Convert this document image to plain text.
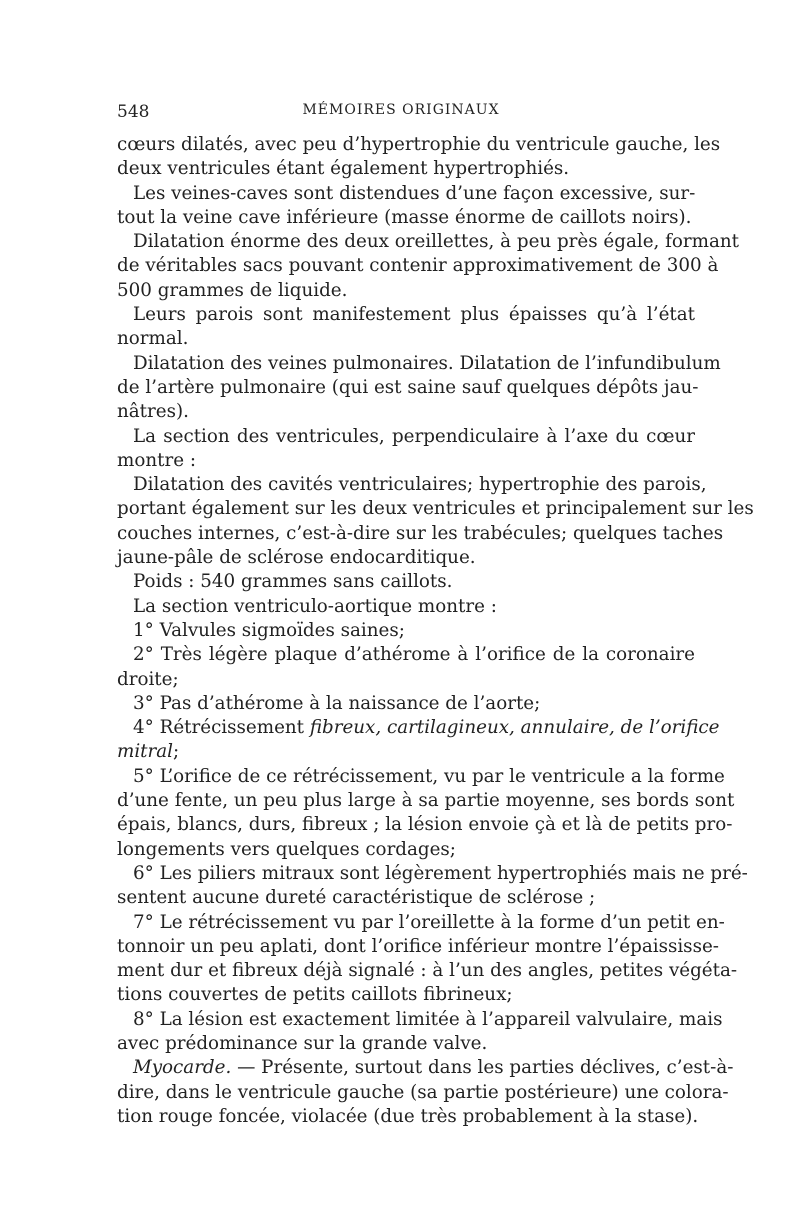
548	MÉMOIRES ORIGINAUX
cœurs dilatés, avec peu d’hypertrophie du ventricule gauche, les
deux ventricules étant également hypertrophiés.
Les veines-caves sont distendues d’une façon excessive, sur-
tout la veine cave inférieure (masse énorme de caillots noirs).
Dilatation énorme des deux oreillettes, à peu près égale, formant
de véritables sacs pouvant contenir approximativement de 300 à
500 grammes de liquide.
Leurs parois sont manifestement plus épaisses qu’à l’état
normal.
Dilatation des veines pulmonaires. Dilatation de l’infundibulum
de l’artère pulmonaire (qui est saine sauf quelques dépôts jau-
nâtres).
La section des ventricules, perpendiculaire à l’axe du cœur
montre :
Dilatation des cavités ventriculaires; hypertrophie des parois,
portant également sur les deux ventricules et principalement sur les
couches internes, c’est-à-dire sur les trabécules; quelques taches
jaune-pâle de sclérose endocarditique.
Poids : 540 grammes sans caillots.
La section ventriculo-aortique montre :
1° Valvules sigmoïdes saines;
2° Très légère plaque d’athérome à l’orifice de la coronaire
droite;
3° Pas d’athérome à la naissance de l’aorte;
4° Rétrécissement fibreux, cartilagineux, annulaire, de l’orifice
mitral;
5° L’orifice de ce rétrécissement, vu par le ventricule a la forme
d’une fente, un peu plus large à sa partie moyenne, ses bords sont
épais, blancs, durs, fibreux ; la lésion envoie çà et là de petits pro-
longements vers quelques cordages;
6° Les piliers mitraux sont légèrement hypertrophiés mais ne pré-
sentent aucune dureté caractéristique de sclérose ;
7° Le rétrécissement vu par l’oreillette à la forme d’un petit en-
tonnoir un peu aplati, dont l’orifice inférieur montre l’épaississe-
ment dur et fibreux déjà signalé : à l’un des angles, petites végéta-
tions couvertes de petits caillots fibrineux;
8° La lésion est exactement limitée à l’appareil valvulaire, mais
avec prédominance sur la grande valve.
Myocarde. — Présente, surtout dans les parties déclives, c’est-à-
dire, dans le ventricule gauche (sa partie postérieure) une colora-
tion rouge foncée, violacée (due très probablement à la stase).
